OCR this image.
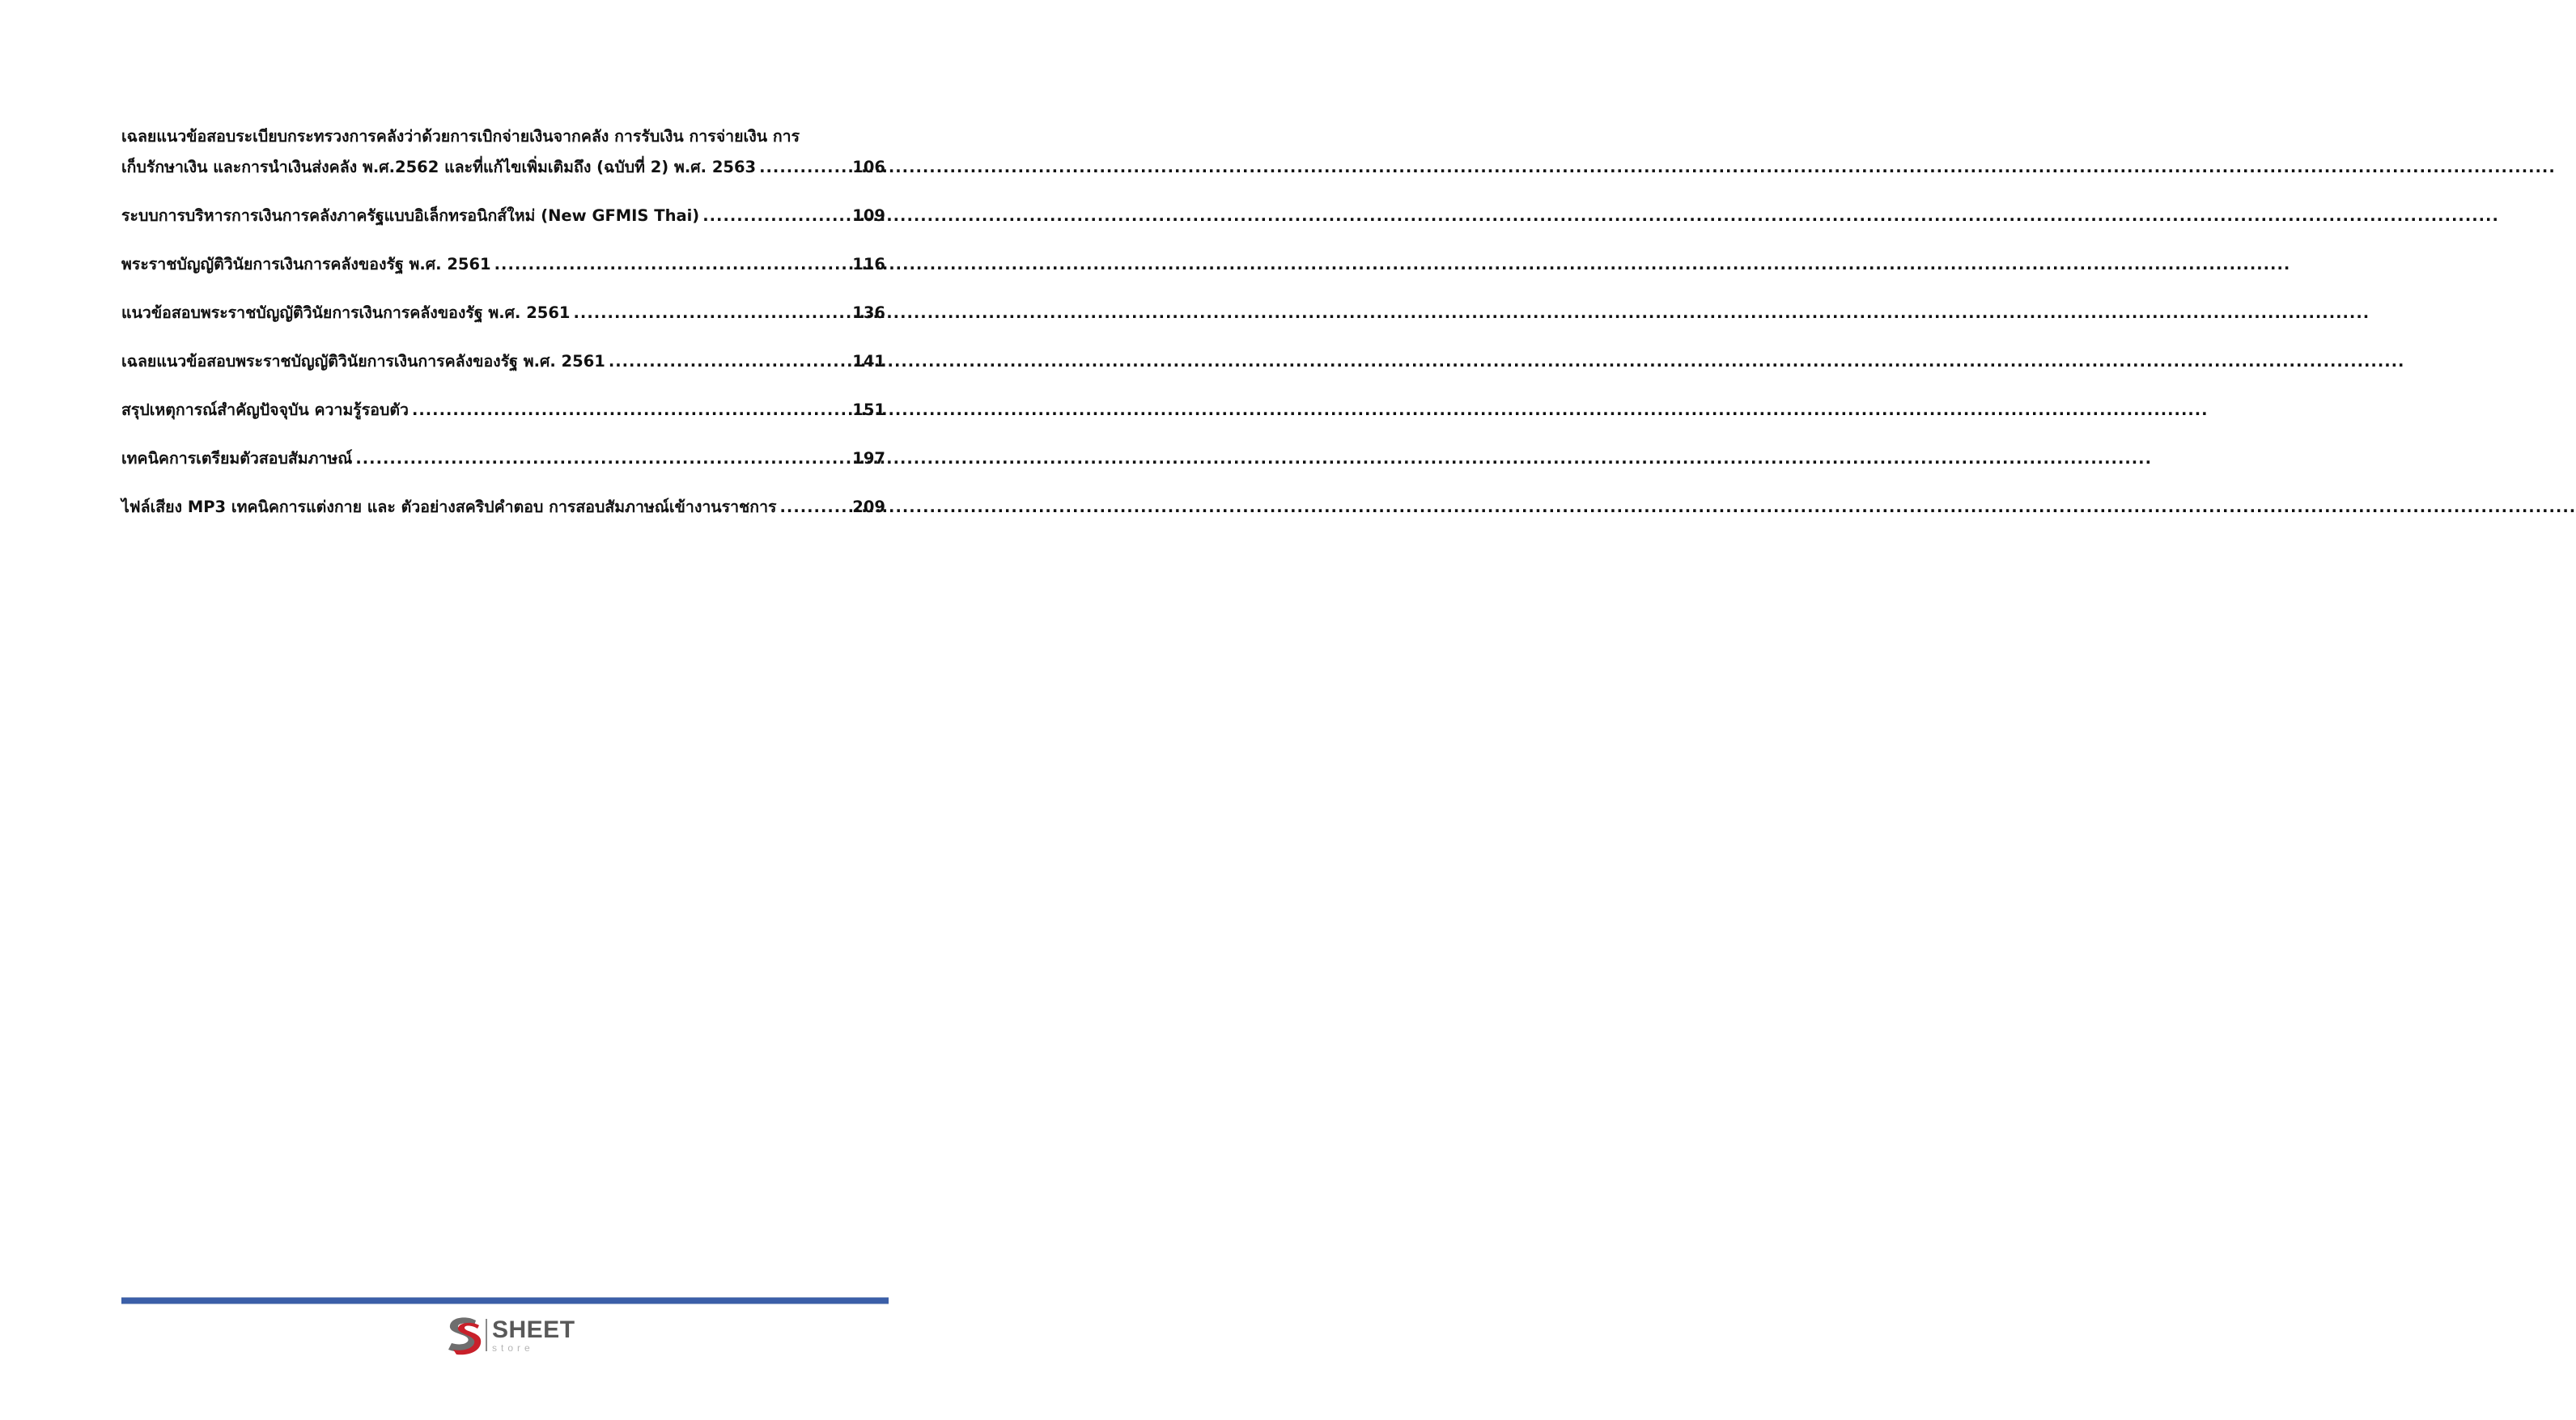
เฉลยแนวข้อสอบระเบียบกระทรวงการคลังว่าด้วยการเบิกจ่ายเงินจากคลัง การรับเงิน การจ่ายเงิน การ
เก็บรักษาเงิน และการนำเงินส่งคลัง พ.ศ.2562 และที่แก้ไขเพิ่มเติมถึง (ฉบับที่ 2) พ.ศ. 2563 .....	106
ระบบการบริหารการเงินการคลังภาครัฐแบบอิเล็กทรอนิกส์ใหม่ (New GFMIS Thai) .....	109
พระราชบัญญัติวินัยการเงินการคลังของรัฐ พ.ศ. 2561 .....	116
แนวข้อสอบพระราชบัญญัติวินัยการเงินการคลังของรัฐ พ.ศ. 2561 .....	136
เฉลยแนวข้อสอบพระราชบัญญัติวินัยการเงินการคลังของรัฐ พ.ศ. 2561 .....	141
สรุปเหตุการณ์สำคัญปัจจุบัน ความรู้รอบตัว .....	151
เทคนิคการเตรียมตัวสอบสัมภาษณ์ .....	197
ไฟล์เสียง MP3 เทคนิคการแต่งกาย และ ตัวอย่างสคริปคำตอบ การสอบสัมภาษณ์เข้างานราชการ .....	209
SHEET
store
